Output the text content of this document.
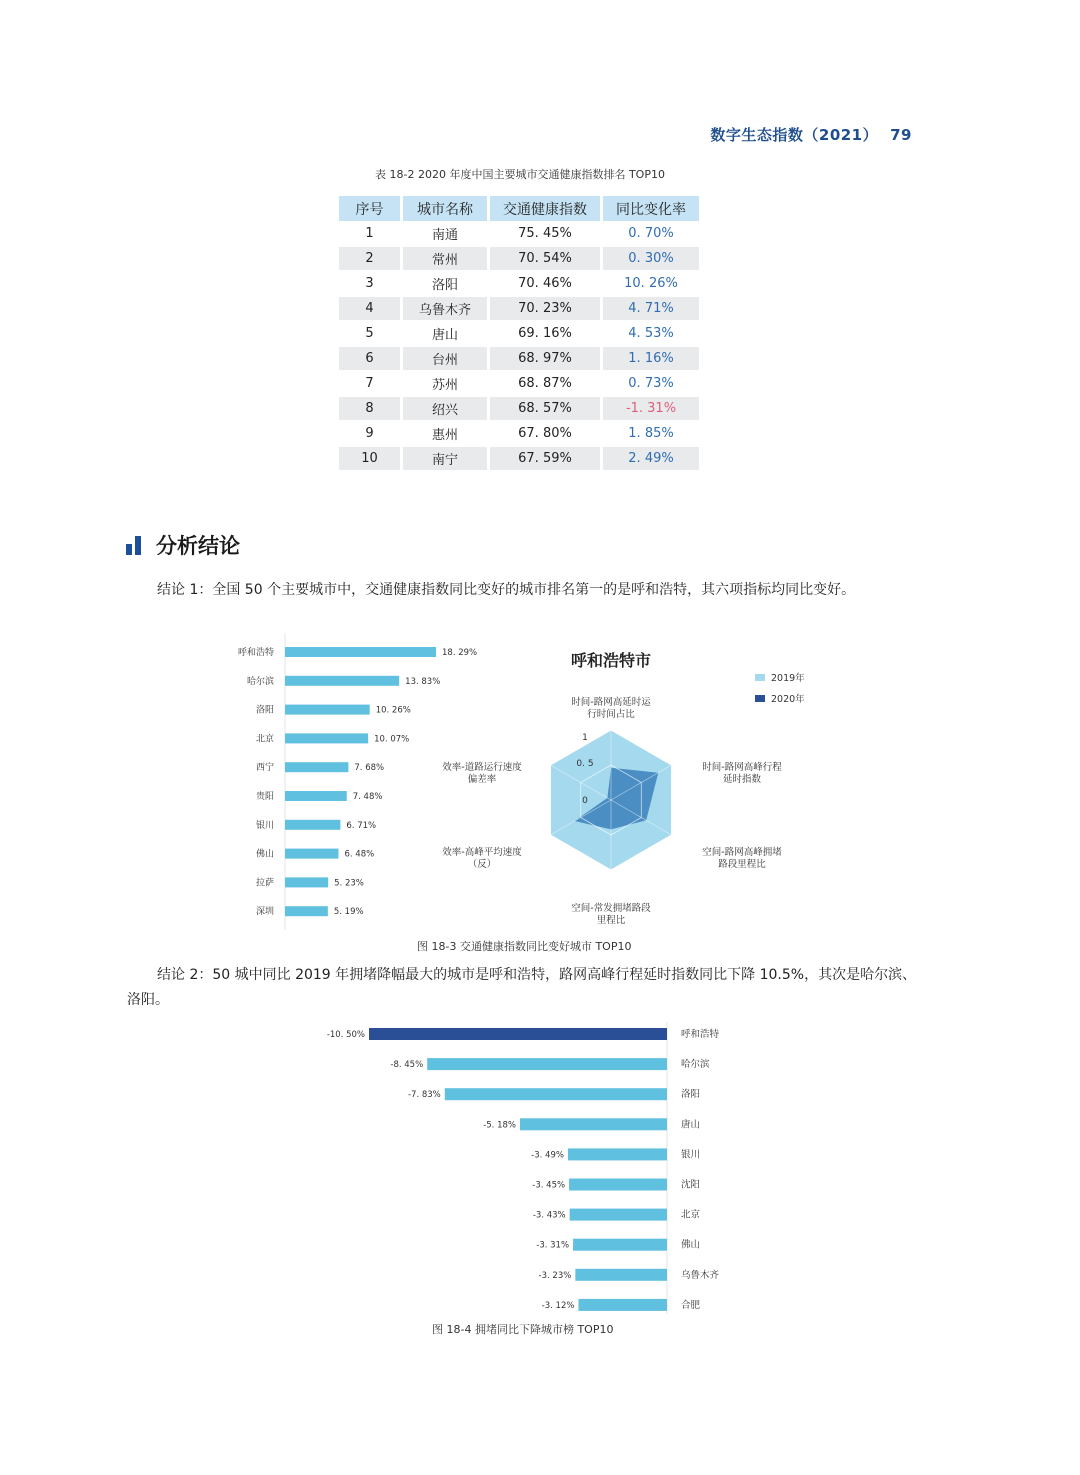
数字生态指数（2021） 79
表 18-2 2020 年度中国主要城市交通健康指数排名 TOP10
序号	城市名称	交通健康指数	同比变化率
1	南通	75. 45%	0. 70%
2	常州	70. 54%	0. 30%
3	洛阳	70. 46%	10. 26%
4	乌鲁木齐	70. 23%	4. 71%
5	唐山	69. 16%	4. 53%
6	台州	68. 97%	1. 16%
7	苏州	68. 87%	0. 73%
8	绍兴	68. 57%	-1. 31%
9	惠州	67. 80%	1. 85%
10	南宁	67. 59%	2. 49%
分析结论
结论 1：全国 50 个主要城市中，交通健康指数同比变好的城市排名第一的是呼和浩特，其六项指标均同比变好。
呼和浩特	18. 29%
哈尔滨	13. 83%
洛阳	10. 26%
北京	10. 07%
西宁	7. 68%
贵阳	7. 48%
银川	6. 71%
佛山	6. 48%
拉萨	5. 23%
深圳	5. 19%
呼和浩特市
1
0. 5
0
时间-路网高延时运
行时间占比
时间-路网高峰行程
延时指数
空间-路网高峰拥堵
路段里程比
空间-常发拥堵路段
里程比
效率-高峰平均速度
（反）
效率-道路运行速度
偏差率
2019年
2020年
图 18-3 交通健康指数同比变好城市 TOP10
结论 2：50 城中同比 2019 年拥堵降幅最大的城市是呼和浩特，路网高峰行程延时指数同比下降 10.5%，其次是哈尔滨、
洛阳。
-10. 50%	呼和浩特
-8. 45%	哈尔滨
-7. 83%	洛阳
-5. 18%	唐山
-3. 49%	银川
-3. 45%	沈阳
-3. 43%	北京
-3. 31%	佛山
-3. 23%	乌鲁木齐
-3. 12%	合肥
图 18-4 拥堵同比下降城市榜 TOP10
